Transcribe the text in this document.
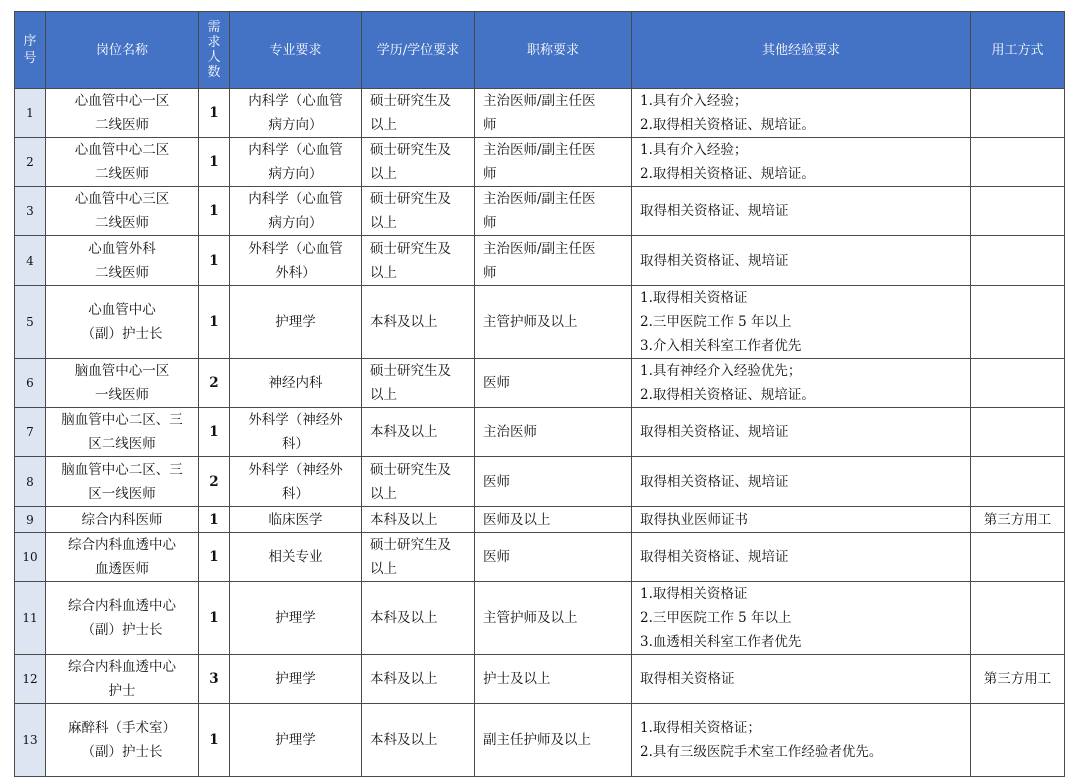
序
号	岗位名称	需
求
人
数	专业要求	学历/学位要求	职称要求	其他经验要求	用工方式
1	心血管中心一区
二线医师	1	内科学（心血管
病方向）	硕士研究生及
以上	主治医师/副主任医
师	1.具有介入经验；
2.取得相关资格证、规培证。	

2	心血管中心二区
二线医师	1	内科学（心血管
病方向）	硕士研究生及
以上	主治医师/副主任医
师	1.具有介入经验；
2.取得相关资格证、规培证。	

3	心血管中心三区
二线医师	1	内科学（心血管
病方向）	硕士研究生及
以上	主治医师/副主任医
师	取得相关资格证、规培证	

4	心血管外科
二线医师	1	外科学（心血管
外科）	硕士研究生及
以上	主治医师/副主任医
师	取得相关资格证、规培证	

5	心血管中心
（副）护士长	1	护理学	本科及以上	主管护师及以上	1.取得相关资格证
2.三甲医院工作 5 年以上
3.介入相关科室工作者优先	

6	脑血管中心一区
一线医师	2	神经内科	硕士研究生及
以上	医师	1.具有神经介入经验优先；
2.取得相关资格证、规培证。	

7	脑血管中心二区、三
区二线医师	1	外科学（神经外
科）	本科及以上	主治医师	取得相关资格证、规培证	

8	脑血管中心二区、三
区一线医师	2	外科学（神经外
科）	硕士研究生及
以上	医师	取得相关资格证、规培证	

9	综合内科医师	1	临床医学	本科及以上	医师及以上	取得执业医师证书	第三方用工
10	综合内科血透中心
血透医师	1	相关专业	硕士研究生及
以上	医师	取得相关资格证、规培证	

11	综合内科血透中心
（副）护士长	1	护理学	本科及以上	主管护师及以上	1.取得相关资格证
2.三甲医院工作 5 年以上
3.血透相关科室工作者优先	

12	综合内科血透中心
护士	3	护理学	本科及以上	护士及以上	取得相关资格证	第三方用工
13	麻醉科（手术室）
（副）护士长	1	护理学	本科及以上	副主任护师及以上	1.取得相关资格证；
2.具有三级医院手术室工作经验者优先。	
